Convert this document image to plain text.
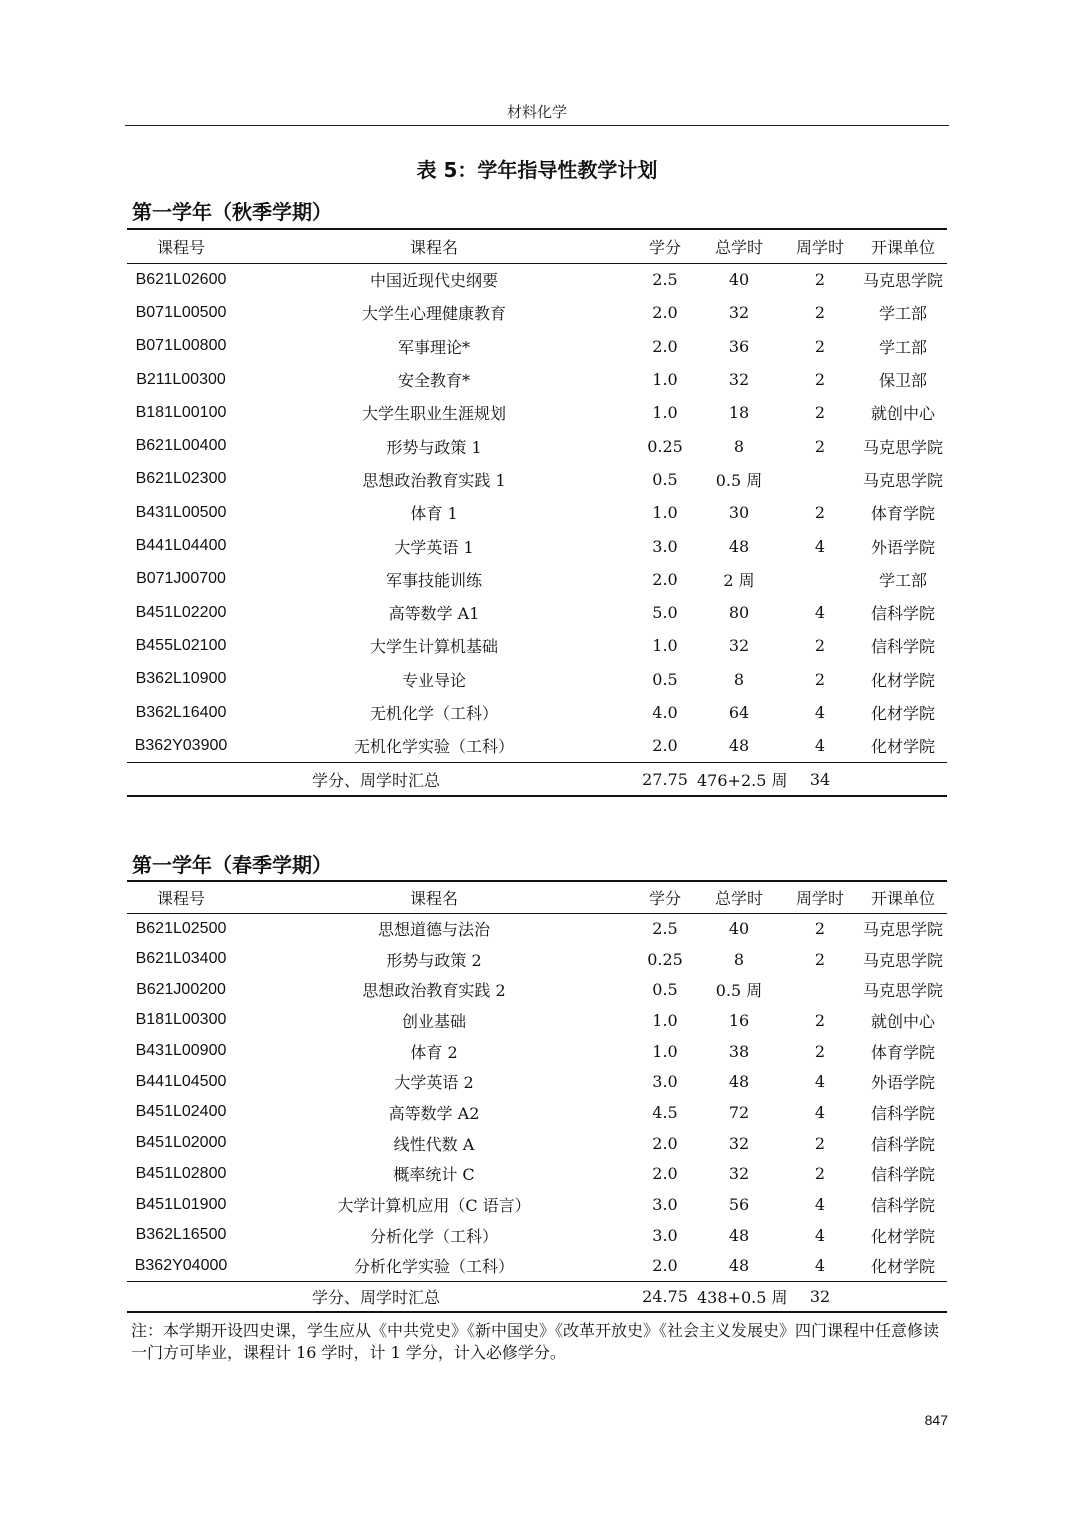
材料化学
表 5：学年指导性教学计划
第一学年（秋季学期）
课程号	课程名	学分	总学时	周学时	开课单位
B621L02600	中国近现代史纲要	2.5	40	2	马克思学院
B071L00500	大学生心理健康教育	2.0	32	2	学工部
B071L00800	军事理论*	2.0	36	2	学工部
B211L00300	安全教育*	1.0	32	2	保卫部
B181L00100	大学生职业生涯规划	1.0	18	2	就创中心
B621L00400	形势与政策 1	0.25	8	2	马克思学院
B621L02300	思想政治教育实践 1	0.5	0.5 周		马克思学院
B431L00500	体育 1	1.0	30	2	体育学院
B441L04400	大学英语 1	3.0	48	4	外语学院
B071J00700	军事技能训练	2.0	2 周		学工部
B451L02200	高等数学 A1	5.0	80	4	信科学院
B455L02100	大学生计算机基础	1.0	32	2	信科学院
B362L10900	专业导论	0.5	8	2	化材学院
B362L16400	无机化学（工科）	4.0	64	4	化材学院
B362Y03900	无机化学实验（工科）	2.0	48	4	化材学院
学分、周学时汇总		27.75	476+2.5 周	34	
第一学年（春季学期）
课程号	课程名	学分	总学时	周学时	开课单位
B621L02500	思想道德与法治	2.5	40	2	马克思学院
B621L03400	形势与政策 2	0.25	8	2	马克思学院
B621J00200	思想政治教育实践 2	0.5	0.5 周		马克思学院
B181L00300	创业基础	1.0	16	2	就创中心
B431L00900	体育 2	1.0	38	2	体育学院
B441L04500	大学英语 2	3.0	48	4	外语学院
B451L02400	高等数学 A2	4.5	72	4	信科学院
B451L02000	线性代数 A	2.0	32	2	信科学院
B451L02800	概率统计 C	2.0	32	2	信科学院
B451L01900	大学计算机应用（C 语言）	3.0	56	4	信科学院
B362L16500	分析化学（工科）	3.0	48	4	化材学院
B362Y04000	分析化学实验（工科）	2.0	48	4	化材学院
学分、周学时汇总		24.75	438+0.5 周	32	
注：本学期开设四史课，学生应从《中共党史》《新中国史》《改革开放史》《社会主义发展史》四门课程中任意修读一门方可毕业，课程计 16 学时，计 1 学分，计入必修学分。
847
